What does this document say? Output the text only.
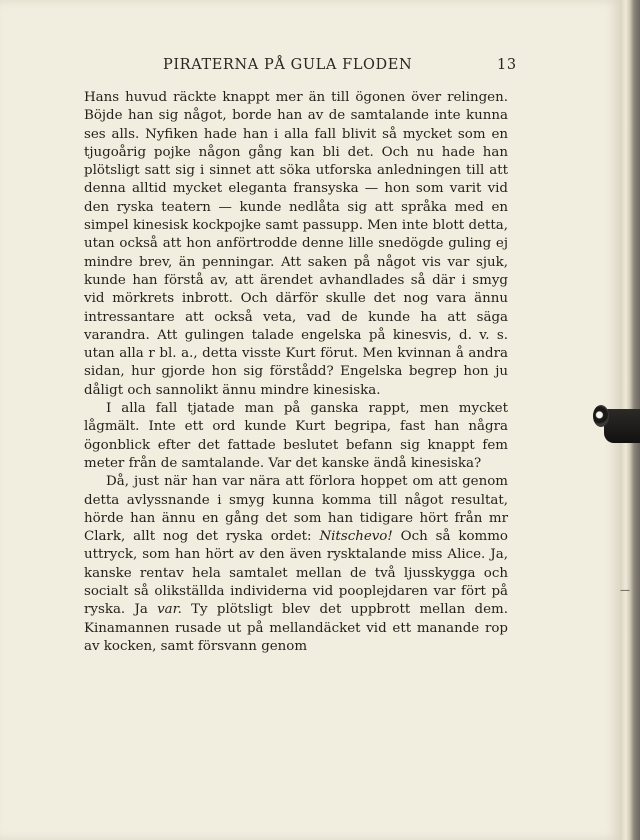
PIRATERNA PÅ GULA FLODEN	13

Hans huvud räckte knappt mer än till ögonen över relingen. Böjde han sig något, borde han av de samtalande inte kunna ses alls. Nyfiken hade han i alla fall blivit så mycket som en tjugoårig pojke någon gång kan bli det. Och nu hade han plötsligt satt sig i sinnet att söka utforska anledningen till att denna alltid mycket eleganta fransyska — hon som varit vid den ryska teatern — kunde nedlåta sig att språka med en simpel kinesisk kockpojke samt passupp. Men inte blott detta, utan också att hon anförtrodde denne lille snedögde guling ej mindre brev, än penningar. Att saken på något vis var sjuk, kunde han förstå av, att ärendet avhandlades så där i smyg vid mörkrets inbrott. Och därför skulle det nog vara ännu intressantare att också veta, vad de kunde ha att säga varandra. Att gulingen talade engelska på kinesvis, d. v. s. utan alla r bl. a., detta visste Kurt förut. Men kvinnan å andra sidan, hur gjorde hon sig förstådd? Engelska begrep hon ju dåligt och sannolikt ännu mindre kinesiska.

I alla fall tjatade man på ganska rappt, men mycket lågmält. Inte ett ord kunde Kurt begripa, fast han några ögonblick efter det fattade beslutet befann sig knappt fem meter från de samtalande. Var det kanske ändå kinesiska?

Då, just när han var nära att förlora hoppet om att genom detta avlyssnande i smyg kunna komma till något resultat, hörde han ännu en gång det som han tidigare hört från mr Clark, allt nog det ryska ordet: Nitschevo! Och så kommo uttryck, som han hört av den även rysktalande miss Alice. Ja, kanske rentav hela samtalet mellan de två ljusskygga och socialt så olikställda individerna vid pooplejdaren var fört på ryska. Ja var. Ty plötsligt blev det uppbrott mellan dem. Kinamannen rusade ut på mellandäcket vid ett manande rop av kocken, samt försvann genom

—
